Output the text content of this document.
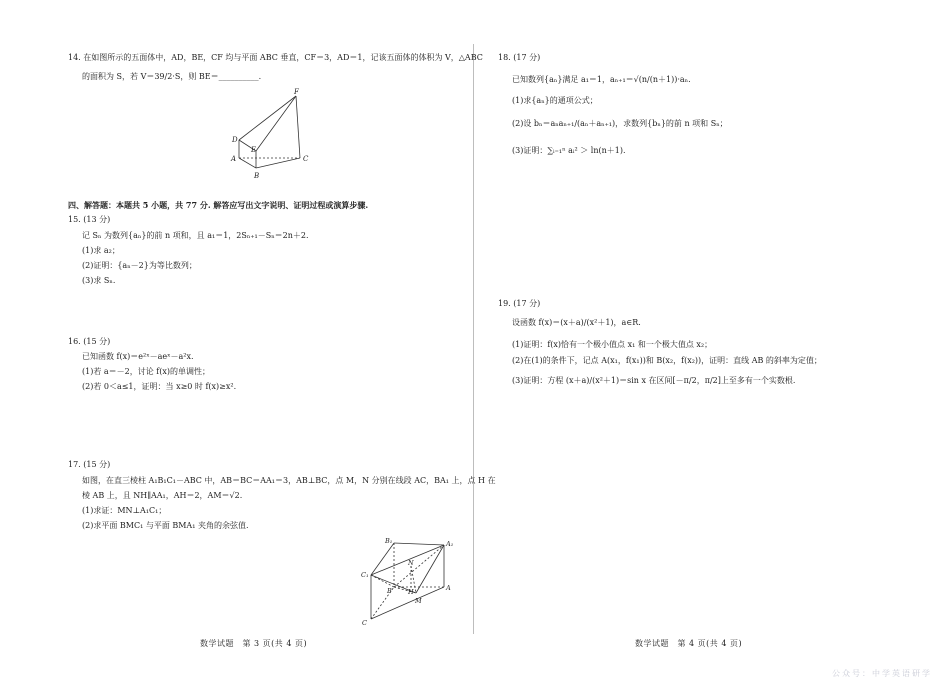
14. 在如图所示的五面体中，AD，BE，CF 均与平面 ABC 垂直，CF＝3，AD＝1，记该五面体的体积为 V，△ABC
的面积为 S，若 V＝39/2·S，则 BE＝__________.
F
D
E
A
B
C
四、解答题：本题共 5 小题，共 77 分. 解答应写出文字说明、证明过程或演算步骤.
15. (13 分)
记 Sₙ 为数列{aₙ}的前 n 项和，且 a₁＝1，2Sₙ₊₁－Sₙ＝2n＋2.
(1)求 a₂；
(2)证明：{aₙ－2}为等比数列；
(3)求 Sₙ.
16. (15 分)
已知函数 f(x)＝e²ˣ－aeˣ－a²x.
(1)若 a＝－2，讨论 f(x)的单调性；
(2)若 0＜a≤1，证明：当 x≥0 时 f(x)≥x².
17. (15 分)
如图，在直三棱柱 A₁B₁C₁－ABC 中，AB＝BC＝AA₁＝3，AB⊥BC，点 M，N 分别在线段 AC，BA₁ 上，点 H 在
棱 AB 上，且 NH∥AA₁，AH＝2，AM＝√2.
(1)求证：MN⊥A₁C₁；
(2)求平面 BMC₁ 与平面 BMA₁ 夹角的余弦值.
B₁	A₁
C₁
N
B H	A
M
C
数学试题　第 3 页(共 4 页)
18. (17 分)
已知数列{aₙ}满足 a₁＝1，aₙ₊₁＝√(n/(n＋1))·aₙ.
(1)求{aₙ}的通项公式；
(2)设 bₙ＝aₙaₙ₊₁/(aₙ＋aₙ₊₁)，求数列{bₙ}的前 n 项和 Sₙ；
(3)证明：∑ᵢ₌₁ⁿ aᵢ² ＞ ln(n＋1).
19. (17 分)
设函数 f(x)＝(x＋a)/(x²＋1)，a∈R.
(1)证明：f(x)恰有一个极小值点 x₁ 和一个极大值点 x₂；
(2)在(1)的条件下，记点 A(x₁，f(x₁))和 B(x₂，f(x₂))，证明：直线 AB 的斜率为定值；
(3)证明：方程 (x＋a)/(x²＋1)＝sin x 在区间[－π/2，π/2]上至多有一个实数根.
数学试题　第 4 页(共 4 页)
公众号：中学英语研学
